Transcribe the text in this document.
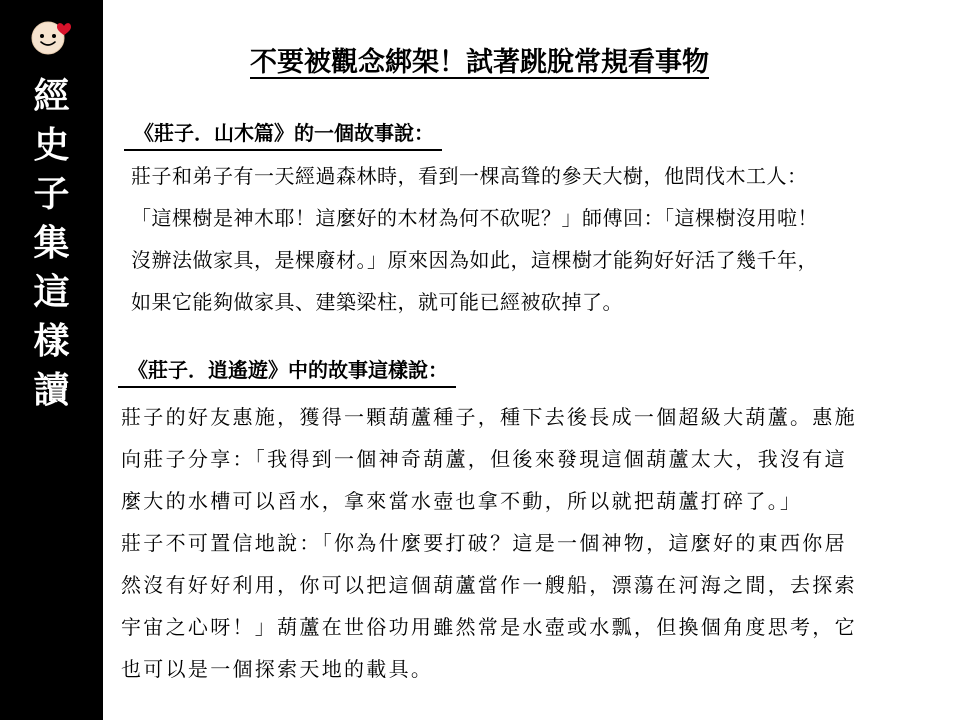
經
史
子
集
這
樣
讀
不要被觀念綁架！試著跳脫常規看事物
《莊子．山木篇》的一個故事說：

莊子和弟子有一天經過森林時，看到一棵高聳的參天大樹，他問伐木工人：
「這棵樹是神木耶！這麼好的木材為何不砍呢？」師傅回：「這棵樹沒用啦！
沒辦法做家具，是棵廢材。」原來因為如此，這棵樹才能夠好好活了幾千年，
如果它能夠做家具、建築梁柱，就可能已經被砍掉了。

《莊子．逍遙遊》中的故事這樣說：

莊子的好友惠施，獲得一顆葫蘆種子，種下去後長成一個超級大葫蘆。惠施
向莊子分享：「我得到一個神奇葫蘆，但後來發現這個葫蘆太大，我沒有這
麼大的水槽可以舀水，拿來當水壺也拿不動，所以就把葫蘆打碎了。」

莊子不可置信地說：「你為什麼要打破？這是一個神物，這麼好的東西你居
然沒有好好利用，你可以把這個葫蘆當作一艘船，漂蕩在河海之間，去探索
宇宙之心呀！」葫蘆在世俗功用雖然常是水壺或水瓢，但換個角度思考，它
也可以是一個探索天地的載具。
